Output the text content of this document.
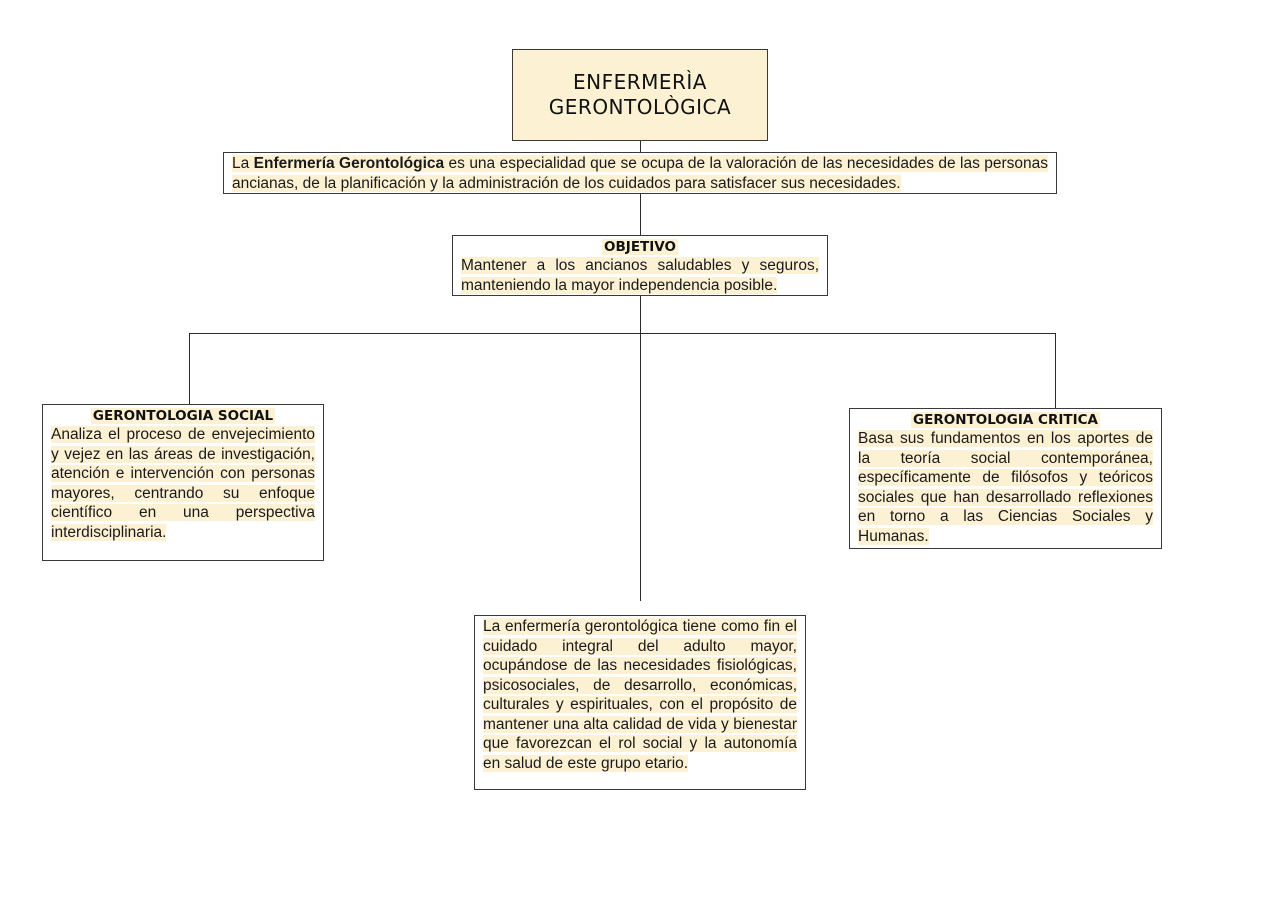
ENFERMERÌA
GERONTOLÒGICA
La Enfermería Gerontológica es una especialidad que se ocupa de la valoración de las necesidades de las personas ancianas, de la planificación y la administración de los cuidados para satisfacer sus necesidades.
OBJETIVO
Mantener a los ancianos saludables y seguros, manteniendo la mayor independencia posible.
GERONTOLOGIA SOCIAL
Analiza el proceso de envejecimiento y vejez en las áreas de investigación, atención e intervención con personas mayores, centrando su enfoque científico en una perspectiva interdisciplinaria.
GERONTOLOGIA CRITICA
Basa sus fundamentos en los aportes de la teoría social contemporánea, específicamente de filósofos y teóricos sociales que han desarrollado reflexiones en torno a las Ciencias Sociales y Humanas.
La enfermería gerontológica tiene como fin el cuidado integral del adulto mayor, ocupándose de las necesidades fisiológicas, psicosociales, de desarrollo, económicas, culturales y espirituales, con el propósito de mantener una alta calidad de vida y bienestar que favorezcan el rol social y la autonomía en salud de este grupo etario.
